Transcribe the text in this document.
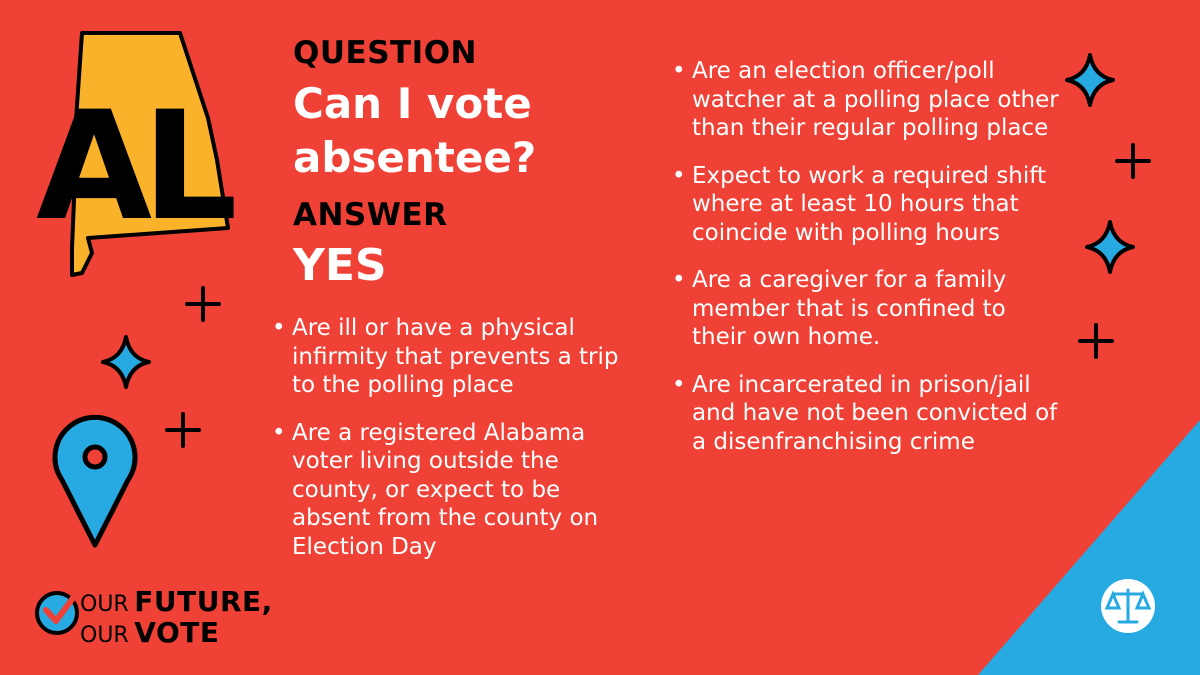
AL
QUESTION
Can I vote absentee?
ANSWER
YES
• Are ill or have a physical infirmity that prevents a trip to the polling place
• Are a registered Alabama voter living outside the county, or expect to be absent from the county on Election Day
• Are an election officer/poll watcher at a polling place other than their regular polling place
• Expect to work a required shift where at least 10 hours that coincide with polling hours
• Are a caregiver for a family member that is confined to their own home.
• Are incarcerated in prison/jail and have not been convicted of a disenfranchising crime
OUR FUTURE,
OUR VOTE
